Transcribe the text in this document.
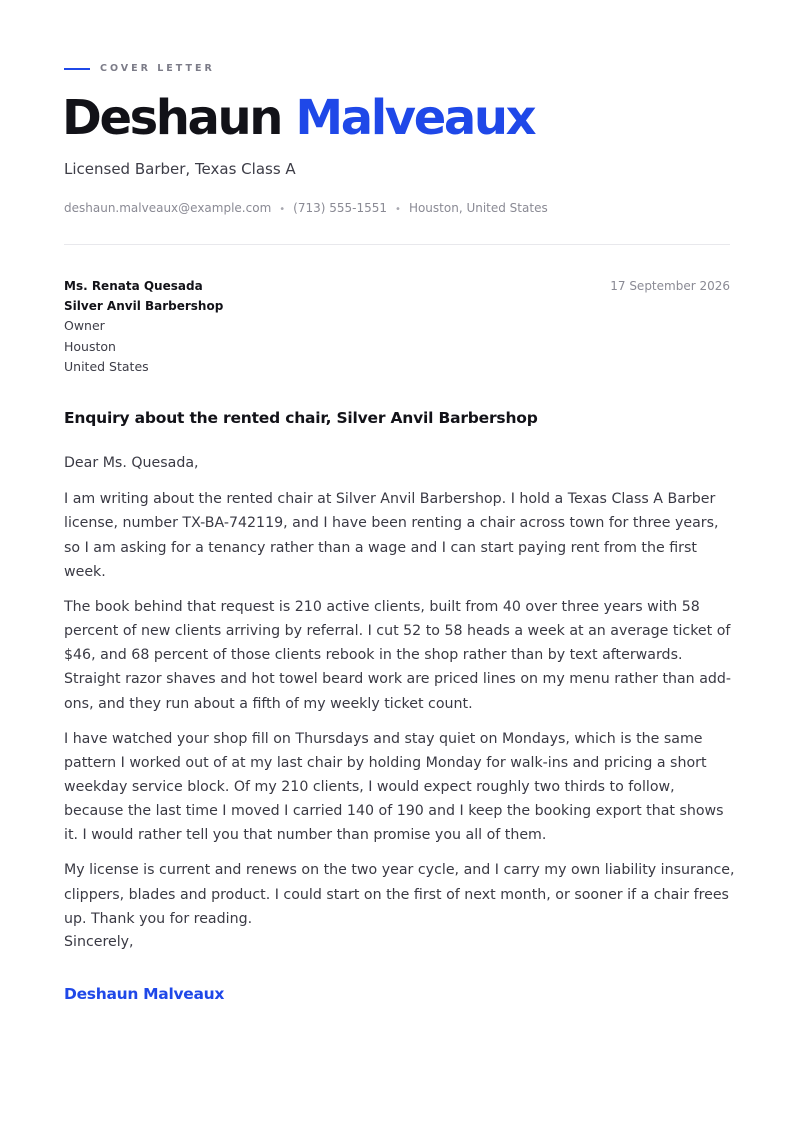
COVER LETTER
Deshaun Malveaux
Licensed Barber, Texas Class A
deshaun.malveaux@example.com • (713) 555-1551 • Houston, United States
Ms. Renata Quesada
Silver Anvil Barbershop
Owner
Houston
United States
17 September 2026
Enquiry about the rented chair, Silver Anvil Barbershop

Dear Ms. Quesada,

I am writing about the rented chair at Silver Anvil Barbershop. I hold a Texas Class A Barber license, number TX-BA-742119, and I have been renting a chair across town for three years, so I am asking for a tenancy rather than a wage and I can start paying rent from the first week.

The book behind that request is 210 active clients, built from 40 over three years with 58 percent of new clients arriving by referral. I cut 52 to 58 heads a week at an average ticket of $46, and 68 percent of those clients rebook in the shop rather than by text afterwards. Straight razor shaves and hot towel beard work are priced lines on my menu rather than add-ons, and they run about a fifth of my weekly ticket count.

I have watched your shop fill on Thursdays and stay quiet on Mondays, which is the same pattern I worked out of at my last chair by holding Monday for walk-ins and pricing a short weekday service block. Of my 210 clients, I would expect roughly two thirds to follow, because the last time I moved I carried 140 of 190 and I keep the booking export that shows it. I would rather tell you that number than promise you all of them.

My license is current and renews on the two year cycle, and I carry my own liability insurance, clippers, blades and product. I could start on the first of next month, or sooner if a chair frees up. Thank you for reading.

Sincerely,
Deshaun Malveaux
